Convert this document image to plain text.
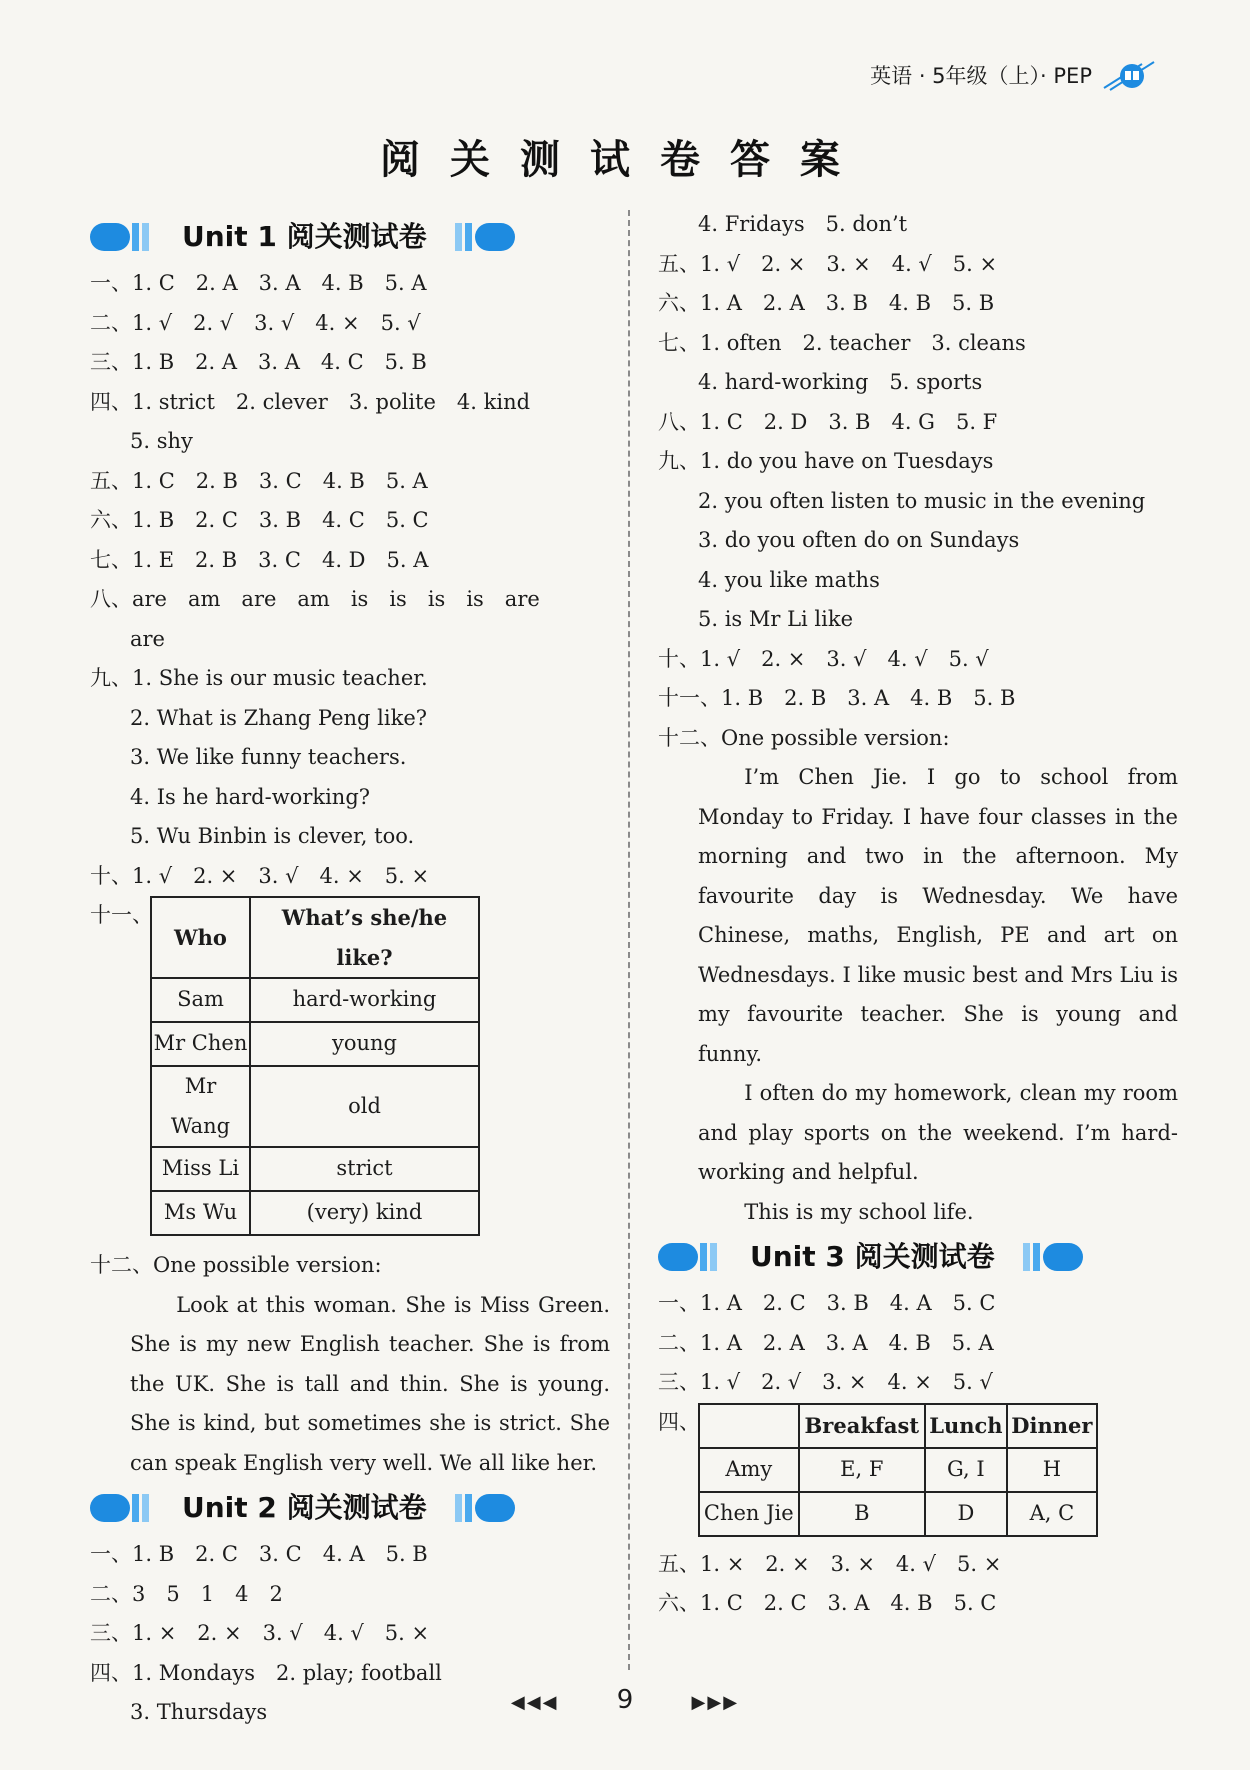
英语 · 5年级（上）· PEP
阅关测试卷答案
Unit 1 阅关测试卷
一、1. C　2. A　3. A　4. B　5. A
二、1. √　2. √　3. √　4. ×　5. √
三、1. B　2. A　3. A　4. C　5. B
四、1. strict　2. clever　3. polite　4. kind
5. shy
五、1. C　2. B　3. C　4. B　5. A
六、1. B　2. C　3. B　4. C　5. C
七、1. E　2. B　3. C　4. D　5. A
八、are　am　are　am　is　is　is　is　are
are
九、1. She is our music teacher.
2. What is Zhang Peng like?
3. We like funny teachers.
4. Is he hard-working?
5. Wu Binbin is clever, too.
十、1. √　2. ×　3. √　4. ×　5. ×
十一、
Who	What’s she/he like?
Sam	hard-working
Mr Chen	young
Mr Wang	old
Miss Li	strict
Ms Wu	(very) kind
十二、One possible version:
Look at this woman. She is Miss Green. She is my new English teacher. She is from the UK. She is tall and thin. She is young. She is kind, but sometimes she is strict. She can speak English very well. We all like her.
Unit 2 阅关测试卷
一、1. B　2. C　3. C　4. A　5. B
二、3　5　1　4　2
三、1. ×　2. ×　3. √　4. √　5. ×
四、1. Mondays　2. play; football
3. Thursdays
4. Fridays　5. don’t
五、1. √　2. ×　3. ×　4. √　5. ×
六、1. A　2. A　3. B　4. B　5. B
七、1. often　2. teacher　3. cleans
4. hard-working　5. sports
八、1. C　2. D　3. B　4. G　5. F
九、1. do you have on Tuesdays
2. you often listen to music in the evening
3. do you often do on Sundays
4. you like maths
5. is Mr Li like
十、1. √　2. ×　3. √　4. √　5. √
十一、1. B　2. B　3. A　4. B　5. B
十二、One possible version:
I’m Chen Jie. I go to school from Monday to Friday. I have four classes in the morning and two in the afternoon. My favourite day is Wednesday. We have Chinese, maths, English, PE and art on Wednesdays. I like music best and Mrs Liu is my favourite teacher. She is young and funny.
I often do my homework, clean my room and play sports on the weekend. I’m hard-working and helpful.
This is my school life.
Unit 3 阅关测试卷
一、1. A　2. C　3. B　4. A　5. C
二、1. A　2. A　3. A　4. B　5. A
三、1. √　2. √　3. ×　4. ×　5. √
四、
		Breakfast	Lunch	Dinner
Amy	E, F	G, I	H
Chen Jie	B	D	A, C
五、1. ×　2. ×　3. ×　4. √　5. ×
六、1. C　2. C　3. A　4. B　5. C
◀◀◀ 9	▶▶▶
